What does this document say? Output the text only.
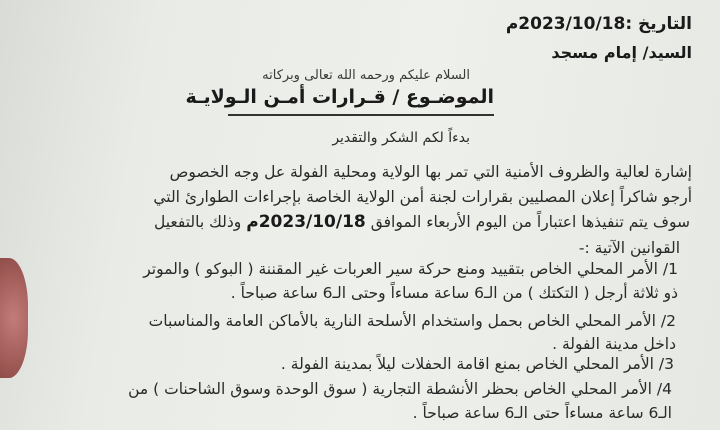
التاريخ :2023/10/18م
السيد/ إمام مسجد
السلام عليكم ورحمه الله تعالى وبركاته
الموضـوع / قـرارات أمـن الـولايـة
بدءاً لكم الشكر والتقدير
إشارة لعالية والظروف الأمنية التي تمر بها الولاية ومحلية الفولة عل وجه الخصوص
أرجو شاكراً إعلان المصليين بقرارات لجنة أمن الولاية الخاصة بإجراءات الطوارئ التي
سوف يتم تنفيذها اعتباراً من اليوم الأربعاء الموافق 2023/10/18م وذلك بالتفعيل
القوانين الآتية :-
1/ الأمر المحلي الخاص بتقييد ومنع حركة سير العربات غير المقننة ( البوكو ) والموتر
ذو ثلاثة أرجل ( التكتك ) من الـ6 ساعة مساءاً وحتى الـ6 ساعة صباحاً .
2/ الأمر المحلي الخاص بحمل واستخدام الأسلحة النارية بالأماكن العامة والمناسبات
داخل مدينة الفولة .
3/ الأمر المحلي الخاص بمنع اقامة الحفلات ليلاً بمدينة الفولة .
4/ الأمر المحلي الخاص بحظر الأنشطة التجارية ( سوق الوحدة وسوق الشاحنات ) من
الـ6 ساعة مساءاً حتى الـ6 ساعة صباحاً .
